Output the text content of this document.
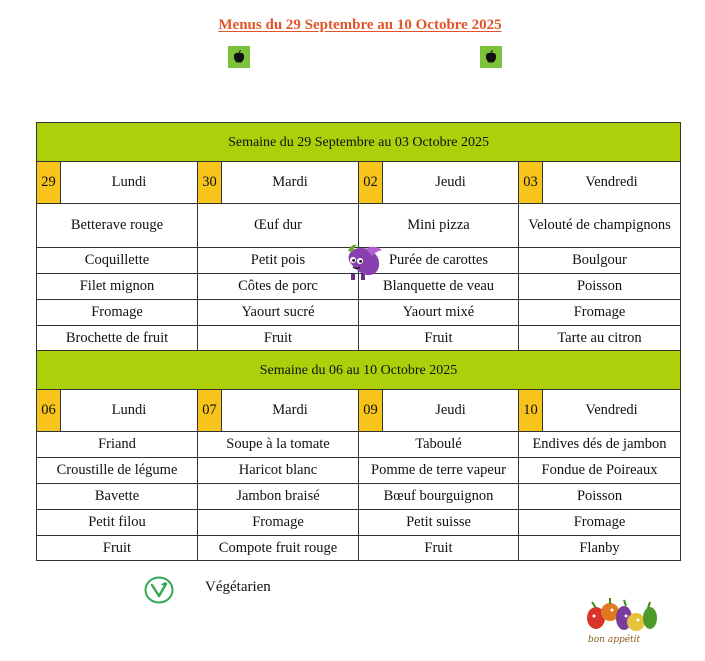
Menus du 29 Septembre au 10 Octobre 2025
Semaine du 29 Septembre au 03 Octobre 2025							
29	Lundi	30	Mardi	02	Jeudi	03	Vendredi
Betterave rouge		Œuf dur		Mini pizza		Velouté de champignons	
Coquillette		Petit pois		Purée de carottes		Boulgour	
Filet mignon		Côtes de porc		Blanquette de veau		Poisson	
Fromage		Yaourt sucré		Yaourt mixé		Fromage	
Brochette de fruit		Fruit		Fruit		Tarte au citron	
Semaine du 06 au 10 Octobre 2025							
06	Lundi	07	Mardi	09	Jeudi	10	Vendredi
Friand		Soupe à la tomate		Taboulé		Endives dés de jambon	
Croustille de légume		Haricot blanc		Pomme de terre vapeur		Fondue de Poireaux	
Bavette		Jambon braisé		Bœuf bourguignon		Poisson	
Petit filou		Fromage		Petit suisse		Fromage	
Fruit		Compote fruit rouge		Fruit		Flanby	
Végétarien
bon appétit
